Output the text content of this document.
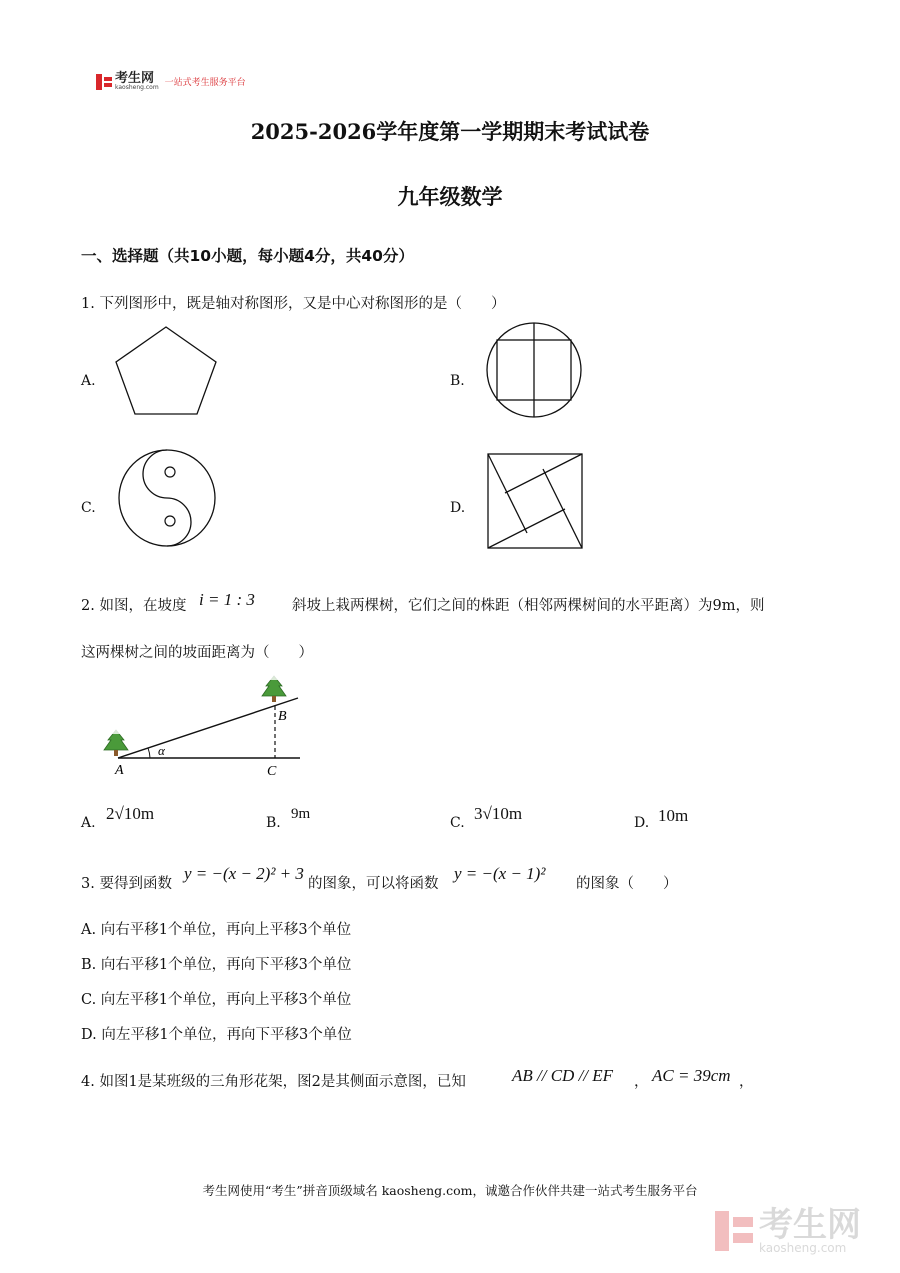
考生网
kaosheng.com 一站式考生服务平台
2025-2026学年度第一学期期末考试试卷
九年级数学
一、选择题（共10小题，每小题4分，共40分）
1. 下列图形中，既是轴对称图形，又是中心对称图形的是（　　）
A.	B.
C.	D.
2. 如图，在坡度 i = 1 : 3	斜坡上栽两棵树，它们之间的株距（相邻两棵树间的水平距离）为9m，则
这两棵树之间的坡面距离为（　　）
A
B
C
α
A. 2√10m	B.
9m
C. 3√10m	D. 10m
3. 要得到函数
y = −(x − 2)² + 3
的图象，可以将函数
y = −(x − 1)²
的图象（　　）
A. 向右平移1个单位，再向上平移3个单位
B. 向右平移1个单位，再向下平移3个单位
C. 向左平移1个单位，再向上平移3个单位
D. 向左平移1个单位，再向下平移3个单位
4. 如图1是某班级的三角形花架，图2是其侧面示意图，已知	AB // CD // EF ， AC = 39cm ，
考生网使用“考生”拼音顶级域名 kaosheng.com，诚邀合作伙伴共建一站式考生服务平台
考生网
kaosheng.com
